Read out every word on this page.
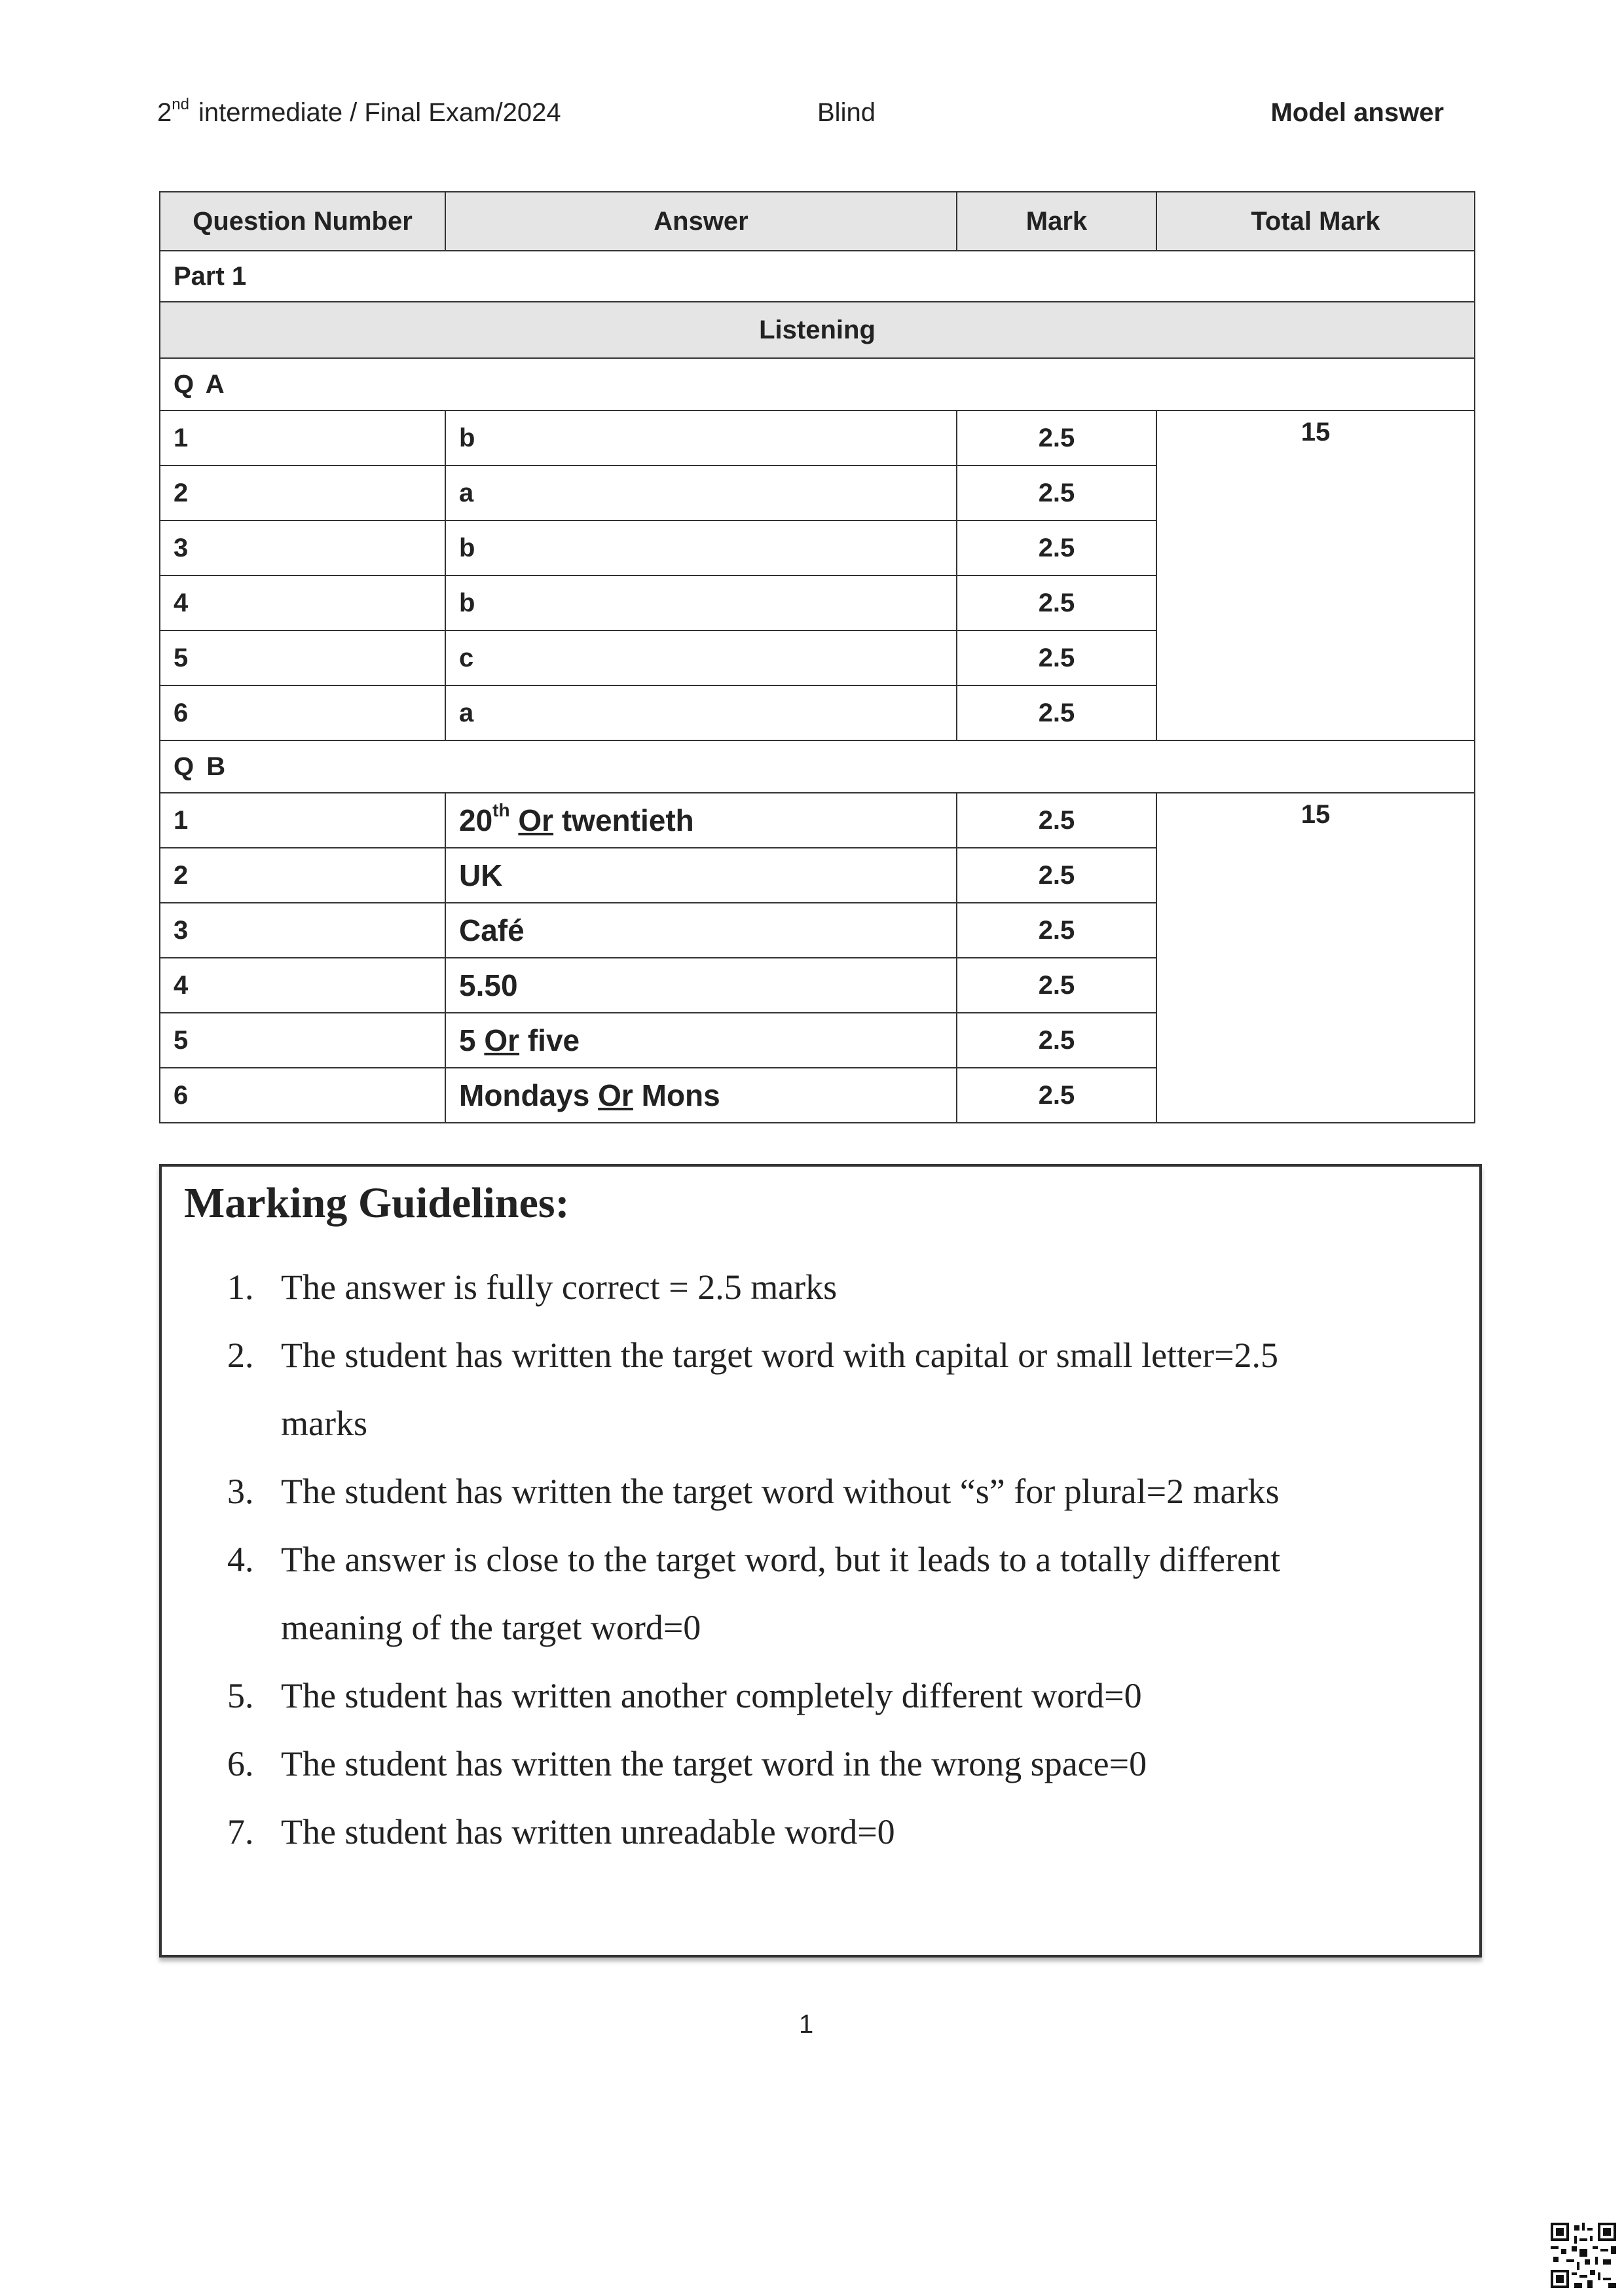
2nd intermediate / Final Exam/2024	Blind	Model answer
Question Number	Answer	Mark	Total Mark
Part 1			
Listening			
Q A			
1	b	2.5	15
2	a	2.5	
3	b	2.5	
4	b	2.5	
5	c	2.5	
6	a	2.5	
Q B			
1	20th Or twentieth	2.5	15
2	UK	2.5	
3	Café	2.5	
4	5.50	2.5	
5	5 Or five	2.5	
6	Mondays Or Mons	2.5	
Marking Guidelines:
1. The answer is fully correct = 2.5 marks
2. The student has written the target word with capital or small letter=2.5
marks
3. The student has written the target word without “s” for plural=2 marks
4. The answer is close to the target word, but it leads to a totally different
meaning of the target word=0
5. The student has written another completely different word=0
6. The student has written the target word in the wrong space=0
7. The student has written unreadable word=0
1
